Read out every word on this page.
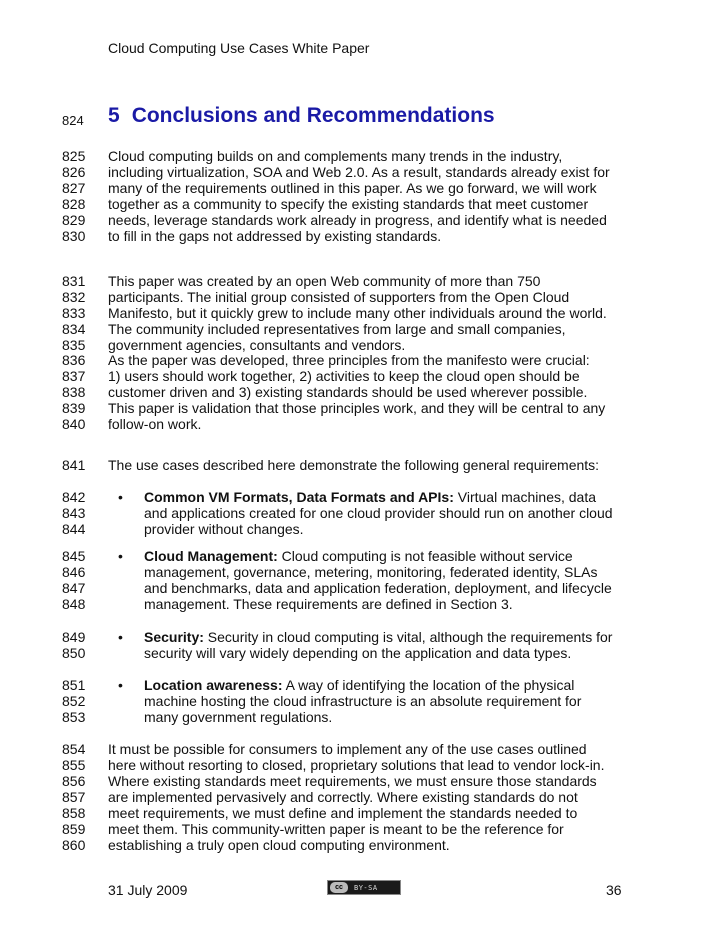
Cloud Computing Use Cases White Paper
824 5 Conclusions and Recommendations
825	Cloud computing builds on and complements many trends in the industry,
826	including virtualization, SOA and Web 2.0. As a result, standards already exist for
827	many of the requirements outlined in this paper. As we go forward, we will work
828	together as a community to specify the existing standards that meet customer
829	needs, leverage standards work already in progress, and identify what is needed
830	to fill in the gaps not addressed by existing standards.
831	This paper was created by an open Web community of more than 750
832	participants. The initial group consisted of supporters from the Open Cloud
833	Manifesto, but it quickly grew to include many other individuals around the world.
834	The community included representatives from large and small companies,
835	government agencies, consultants and vendors.
836	As the paper was developed, three principles from the manifesto were crucial:
837	1) users should work together, 2) activities to keep the cloud open should be
838	customer driven and 3) existing standards should be used wherever possible.
839	This paper is validation that those principles work, and they will be central to any
840	follow-on work.
841	The use cases described here demonstrate the following general requirements:
842	• Common VM Formats, Data Formats and APIs: Virtual machines, data
843	and applications created for one cloud provider should run on another cloud
844	provider without changes.
845	• Cloud Management: Cloud computing is not feasible without service
846	management, governance, metering, monitoring, federated identity, SLAs
847	and benchmarks, data and application federation, deployment, and lifecycle
848	management. These requirements are defined in Section 3.
849	• Security: Security in cloud computing is vital, although the requirements for
850	security will vary widely depending on the application and data types.
851	• Location awareness: A way of identifying the location of the physical
852	machine hosting the cloud infrastructure is an absolute requirement for
853	many government regulations.
854	It must be possible for consumers to implement any of the use cases outlined
855	here without resorting to closed, proprietary solutions that lead to vendor lock-in.
856	Where existing standards meet requirements, we must ensure those standards
857	are implemented pervasively and correctly. Where existing standards do not
858	meet requirements, we must define and implement the standards needed to
859	meet them. This community-written paper is meant to be the reference for
860	establishing a truly open cloud computing environment.
31 July 2009	cc	BY-SA	36
